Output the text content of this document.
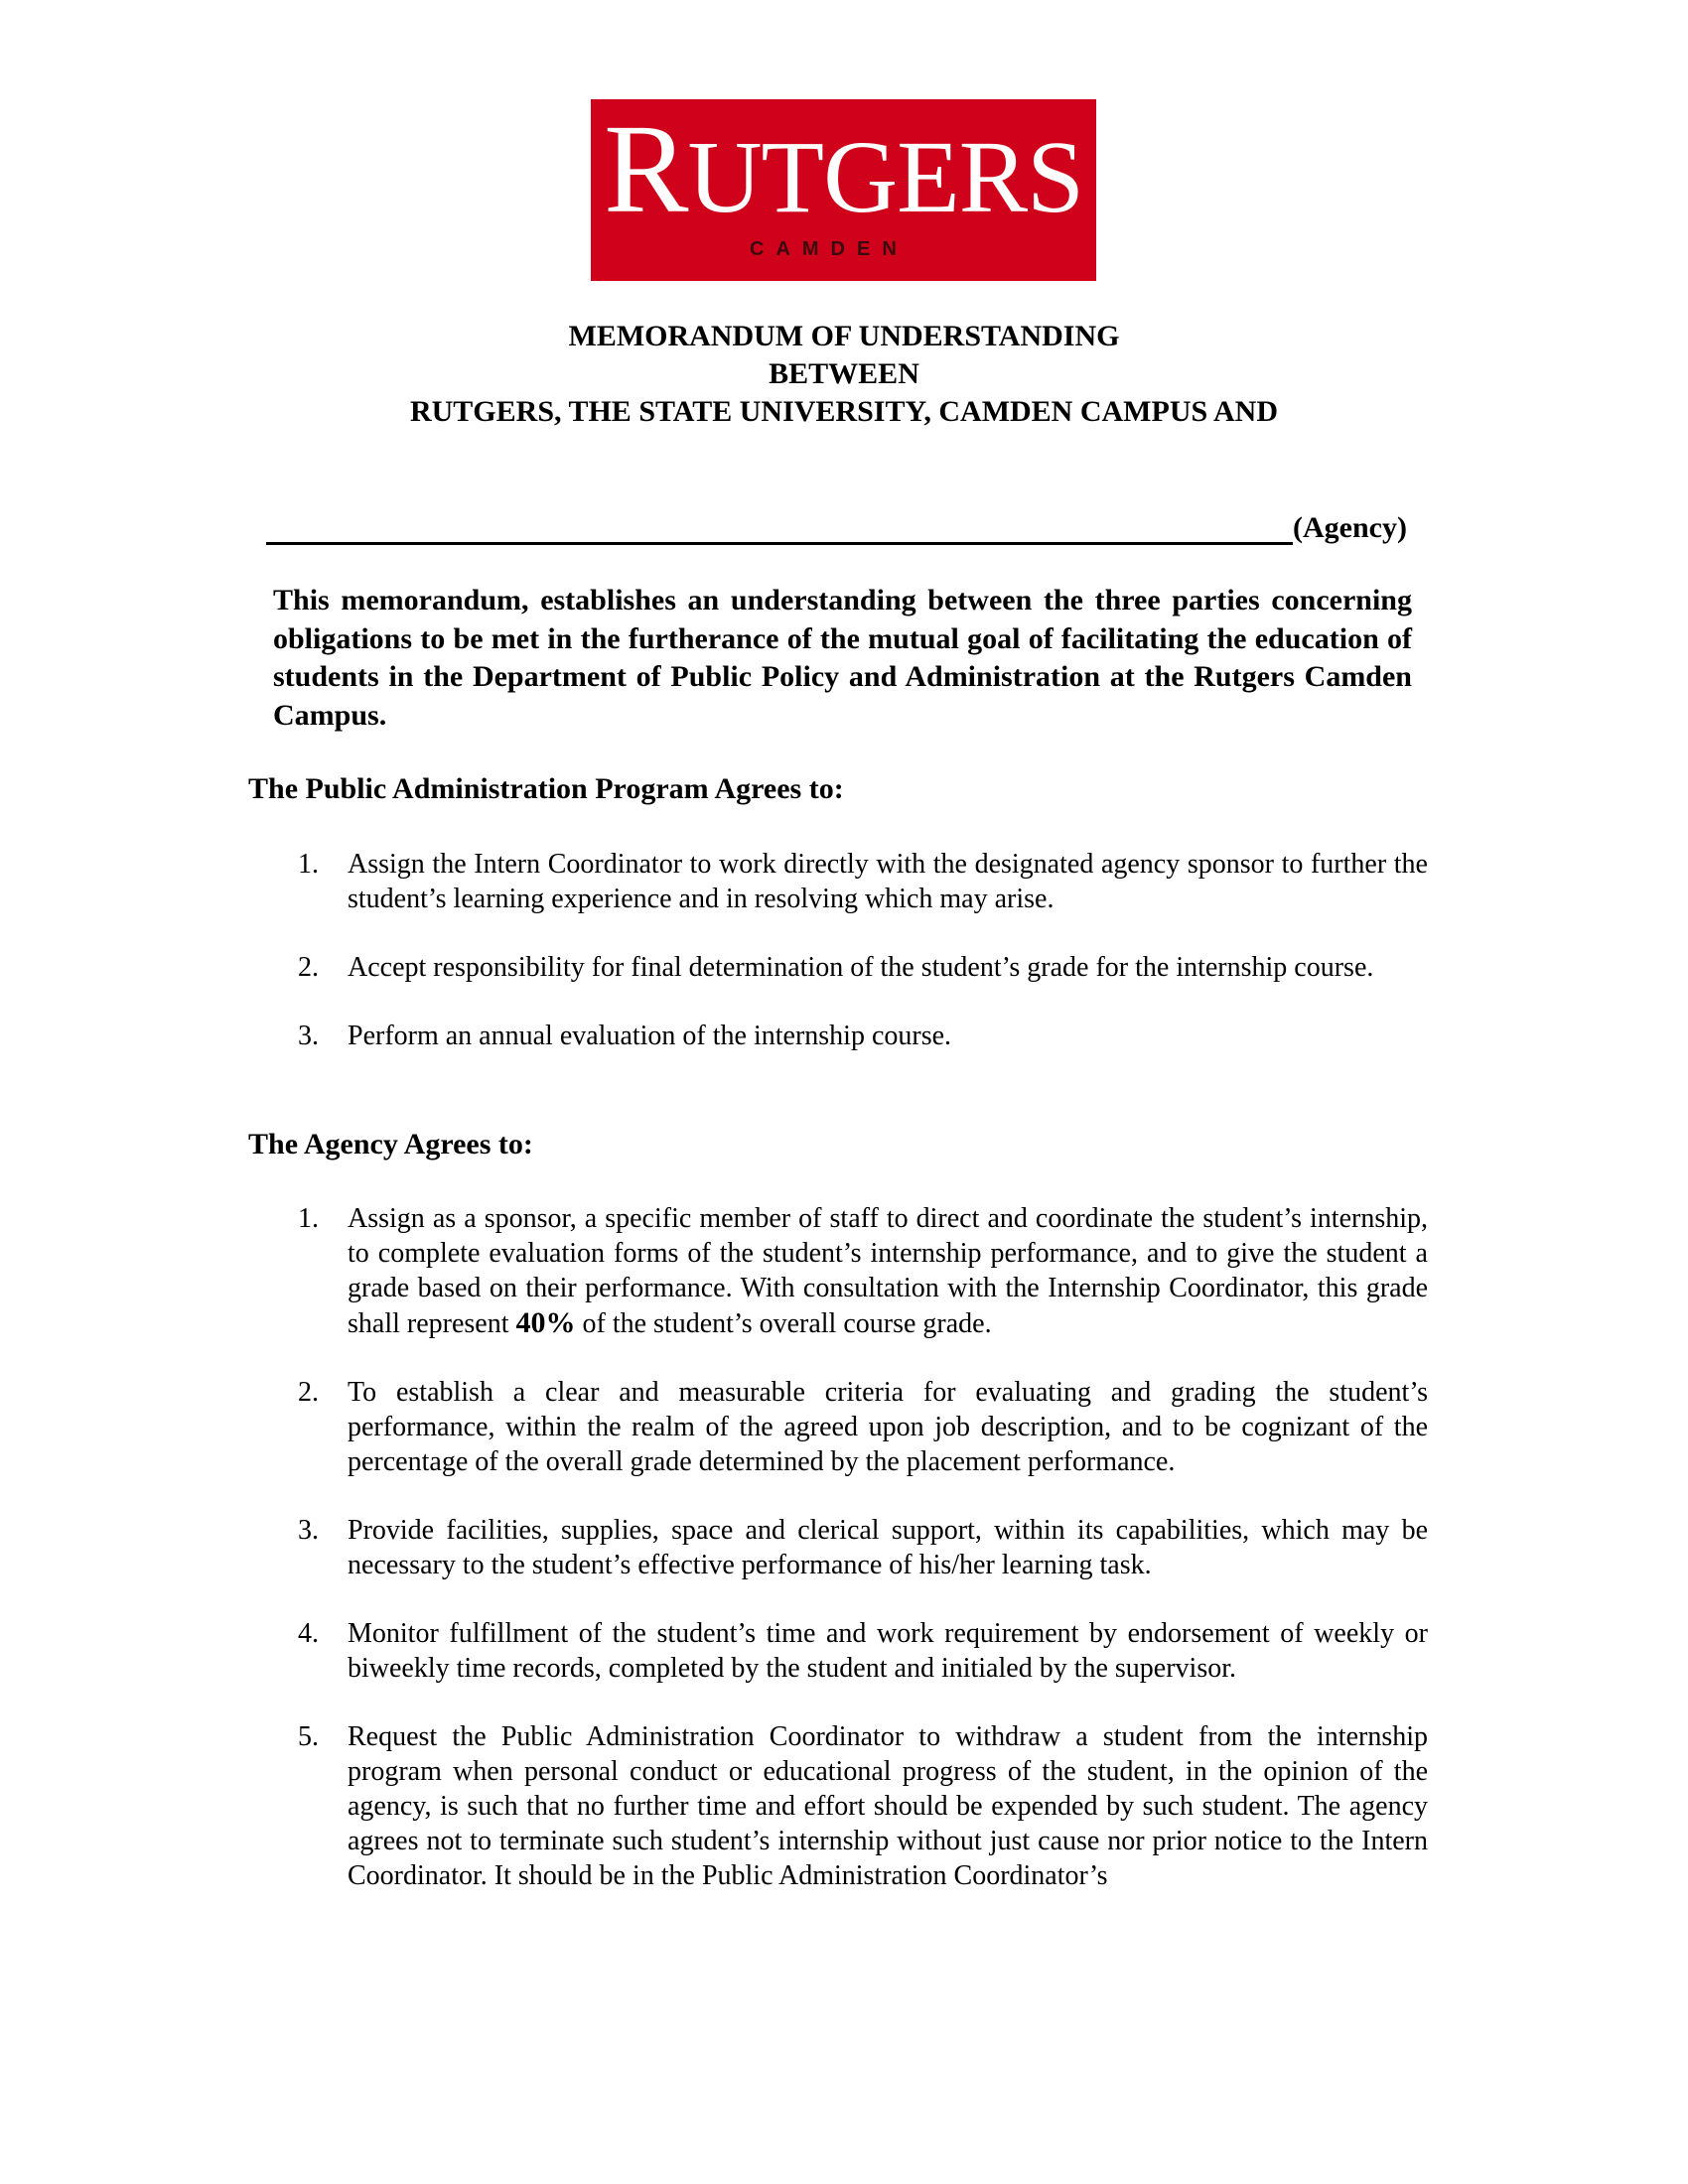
RUTGERS
CAMDEN
MEMORANDUM OF UNDERSTANDING
BETWEEN
RUTGERS, THE STATE UNIVERSITY, CAMDEN CAMPUS AND
(Agency)

This memorandum, establishes an understanding between the three parties concerning obligations to be met in the furtherance of the mutual goal of facilitating the education of students in the Department of Public Policy and Administration at the Rutgers Camden Campus.

The Public Administration Program Agrees to:
1. Assign the Intern Coordinator to work directly with the designated agency sponsor to further the student’s learning experience and in resolving which may arise.
2. Accept responsibility for final determination of the student’s grade for the internship course.
3. Perform an annual evaluation of the internship course.
The Agency Agrees to:
1. Assign as a sponsor, a specific member of staff to direct and coordinate the student’s internship, to complete evaluation forms of the student’s internship performance, and to give the student a grade based on their performance. With consultation with the Internship Coordinator, this grade shall represent 40% of the student’s overall course grade.
2. To establish a clear and measurable criteria for evaluating and grading the student’s performance, within the realm of the agreed upon job description, and to be cognizant of the percentage of the overall grade determined by the placement performance.
3. Provide facilities, supplies, space and clerical support, within its capabilities, which may be necessary to the student’s effective performance of his/her learning task.
4. Monitor fulfillment of the student’s time and work requirement by endorsement of weekly or biweekly time records, completed by the student and initialed by the supervisor.
5. Request the Public Administration Coordinator to withdraw a student from the internship program when personal conduct or educational progress of the student, in the opinion of the agency, is such that no further time and effort should be expended by such student. The agency agrees not to terminate such student’s internship without just cause nor prior notice to the Intern Coordinator. It should be in the Public Administration Coordinator’s
